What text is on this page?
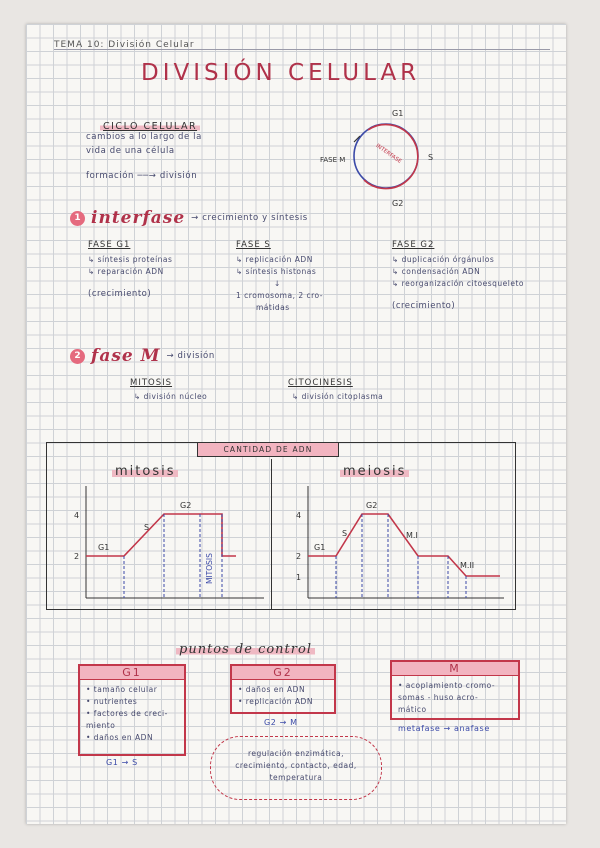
TEMA 10: División Celular
DIVISIÓN CELULAR
CICLO CELULAR
cambios a lo largo de la
vida de una célula
formación ──→ división
G1
S
G2
FASE M	INTERFASE
1 interfase → crecimiento y síntesis
FASE G1
↳ síntesis proteínas
↳ reparación ADN
(crecimiento)
FASE S
↳ replicación ADN
↳ síntesis histonas
↓
1 cromosoma, 2 cro-
mátidas
FASE G2
↳ duplicación órgánulos
↳ condensación ADN
↳ reorganización citoesqueleto
(crecimiento)
2 fase M → división
MITOSIS
↳ división núcleo
CITOCINESIS
↳ división citoplasma
CANTIDAD DE ADN
mitosis	meiosis
4
2
G1
S
G2
MITOSIS
4
2
1
G1
S
G2
M.I
M.II
puntos de control
G1
• tamaño celular
• nutrientes
• factores de creci-
miento
• daños en ADN
G1 → S
G2
• daños en ADN
• replicación ADN
G2 → M
M
• acoplamiento cromo-
somas - huso acro-
mático
metafase → anafase
regulación enzimática,
crecimiento, contacto, edad,
temperatura
